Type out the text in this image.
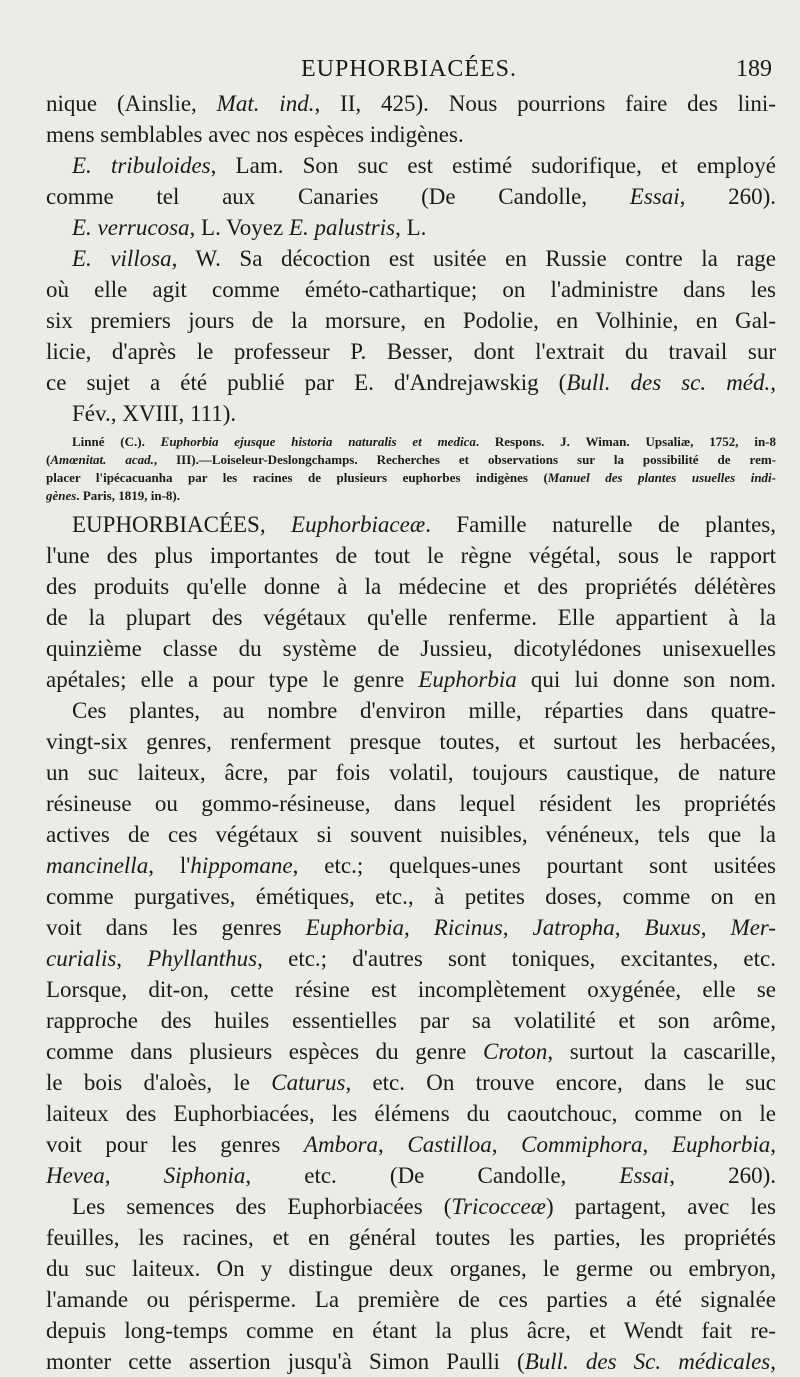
EUPHORBIACÉES.	189
nique (Ainslie, Mat. ind., II, 425). Nous pourrions faire des lini-
mens semblables avec nos espèces indigènes.
E. tribuloides, Lam. Son suc est estimé sudorifique, et employé
comme tel aux Canaries (De Candolle, Essai, 260).
E. verrucosa, L. Voyez E. palustris, L.
E. villosa, W. Sa décoction est usitée en Russie contre la rage
où elle agit comme éméto-cathartique; on l'administre dans les
six premiers jours de la morsure, en Podolie, en Volhinie, en Gal-
licie, d'après le professeur P. Besser, dont l'extrait du travail sur
ce sujet a été publié par E. d'Andrejawskig (Bull. des sc. méd.,
Fév., XVIII, 111).
Linné (C.). Euphorbia ejusque historia naturalis et medica. Respons. J. Wiman. Upsaliæ, 1752, in-8
(Amœnitat. acad., III).—Loiseleur-Deslongchamps. Recherches et observations sur la possibilité de rem-
placer l'ipécacuanha par les racines de plusieurs euphorbes indigènes (Manuel des plantes usuelles indi-
gènes. Paris, 1819, in-8).
EUPHORBIACÉES, Euphorbiaceæ. Famille naturelle de plantes,
l'une des plus importantes de tout le règne végétal, sous le rapport
des produits qu'elle donne à la médecine et des propriétés délétères
de la plupart des végétaux qu'elle renferme. Elle appartient à la
quinzième classe du système de Jussieu, dicotylédones unisexuelles
apétales; elle a pour type le genre Euphorbia qui lui donne son nom.
Ces plantes, au nombre d'environ mille, réparties dans quatre-
vingt-six genres, renferment presque toutes, et surtout les herbacées,
un suc laiteux, âcre, par fois volatil, toujours caustique, de nature
résineuse ou gommo-résineuse, dans lequel résident les propriétés
actives de ces végétaux si souvent nuisibles, vénéneux, tels que la
mancinella, l'hippomane, etc.; quelques-unes pourtant sont usitées
comme purgatives, émétiques, etc., à petites doses, comme on en
voit dans les genres Euphorbia, Ricinus, Jatropha, Buxus, Mer-
curialis, Phyllanthus, etc.; d'autres sont toniques, excitantes, etc.
Lorsque, dit-on, cette résine est incomplètement oxygénée, elle se
rapproche des huiles essentielles par sa volatilité et son arôme,
comme dans plusieurs espèces du genre Croton, surtout la cascarille,
le bois d'aloès, le Caturus, etc. On trouve encore, dans le suc
laiteux des Euphorbiacées, les élémens du caoutchouc, comme on le
voit pour les genres Ambora, Castilloa, Commiphora, Euphorbia,
Hevea, Siphonia, etc. (De Candolle, Essai, 260).
Les semences des Euphorbiacées (Tricocceæ) partagent, avec les
feuilles, les racines, et en général toutes les parties, les propriétés
du suc laiteux. On y distingue deux organes, le germe ou embryon,
l'amande ou périsperme. La première de ces parties a été signalée
depuis long-temps comme en étant la plus âcre, et Wendt fait re-
monter cette assertion jusqu'à Simon Paulli (Bull. des Sc. médicales,
